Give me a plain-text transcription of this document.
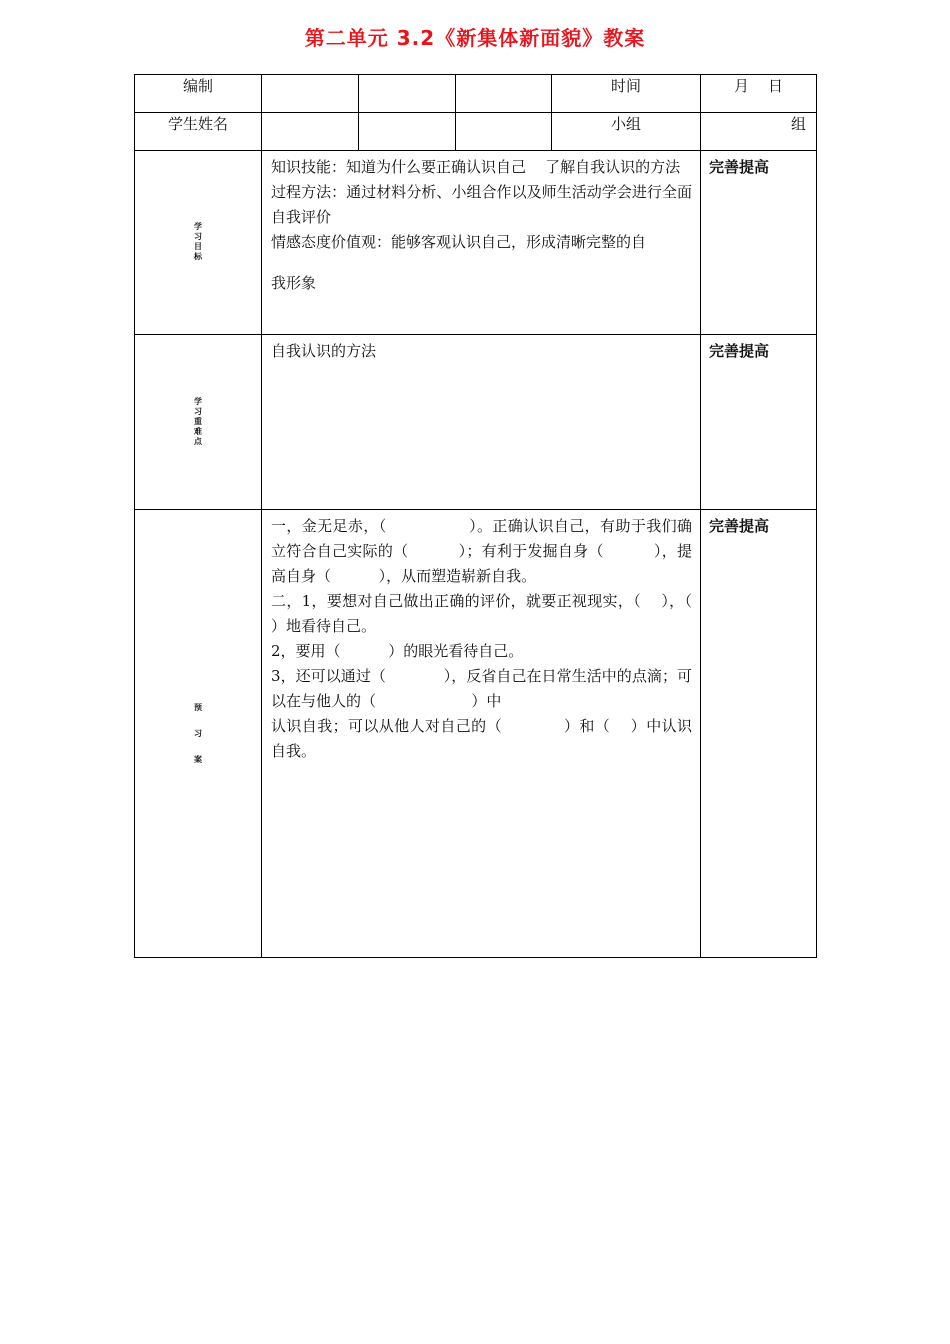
第二单元 3.2《新集体新面貌》教案
编制				时间	月    日
学生姓名				小组	组
学习目标	知识技能：知道为什么要正确认识自己    了解自我认识的方法

过程方法：通过材料分析、小组合作以及师生活动学会进行全面自我评价

情感态度价值观：能够客观认识自己，形成清晰完整的自

我形象				完善提高
学习重难点	自我认识的方法				完善提高
预习案	一，金无足赤，（                ）。正确认识自己，有助于我们确立符合自己实际的（          ）；有利于发掘自身（          ），提高自身（          ），从而塑造崭新自我。

二，1，要想对自己做出正确的评价，就要正视现实，（    ），（          ）地看待自己。

2，要用（          ）的眼光看待自己。

3，还可以通过（            ），反省自己在日常生活中的点滴；可以在与他人的（                    ）中

认识自我；可以从他人对自己的（            ）和（    ）中认识自我。				完善提高
